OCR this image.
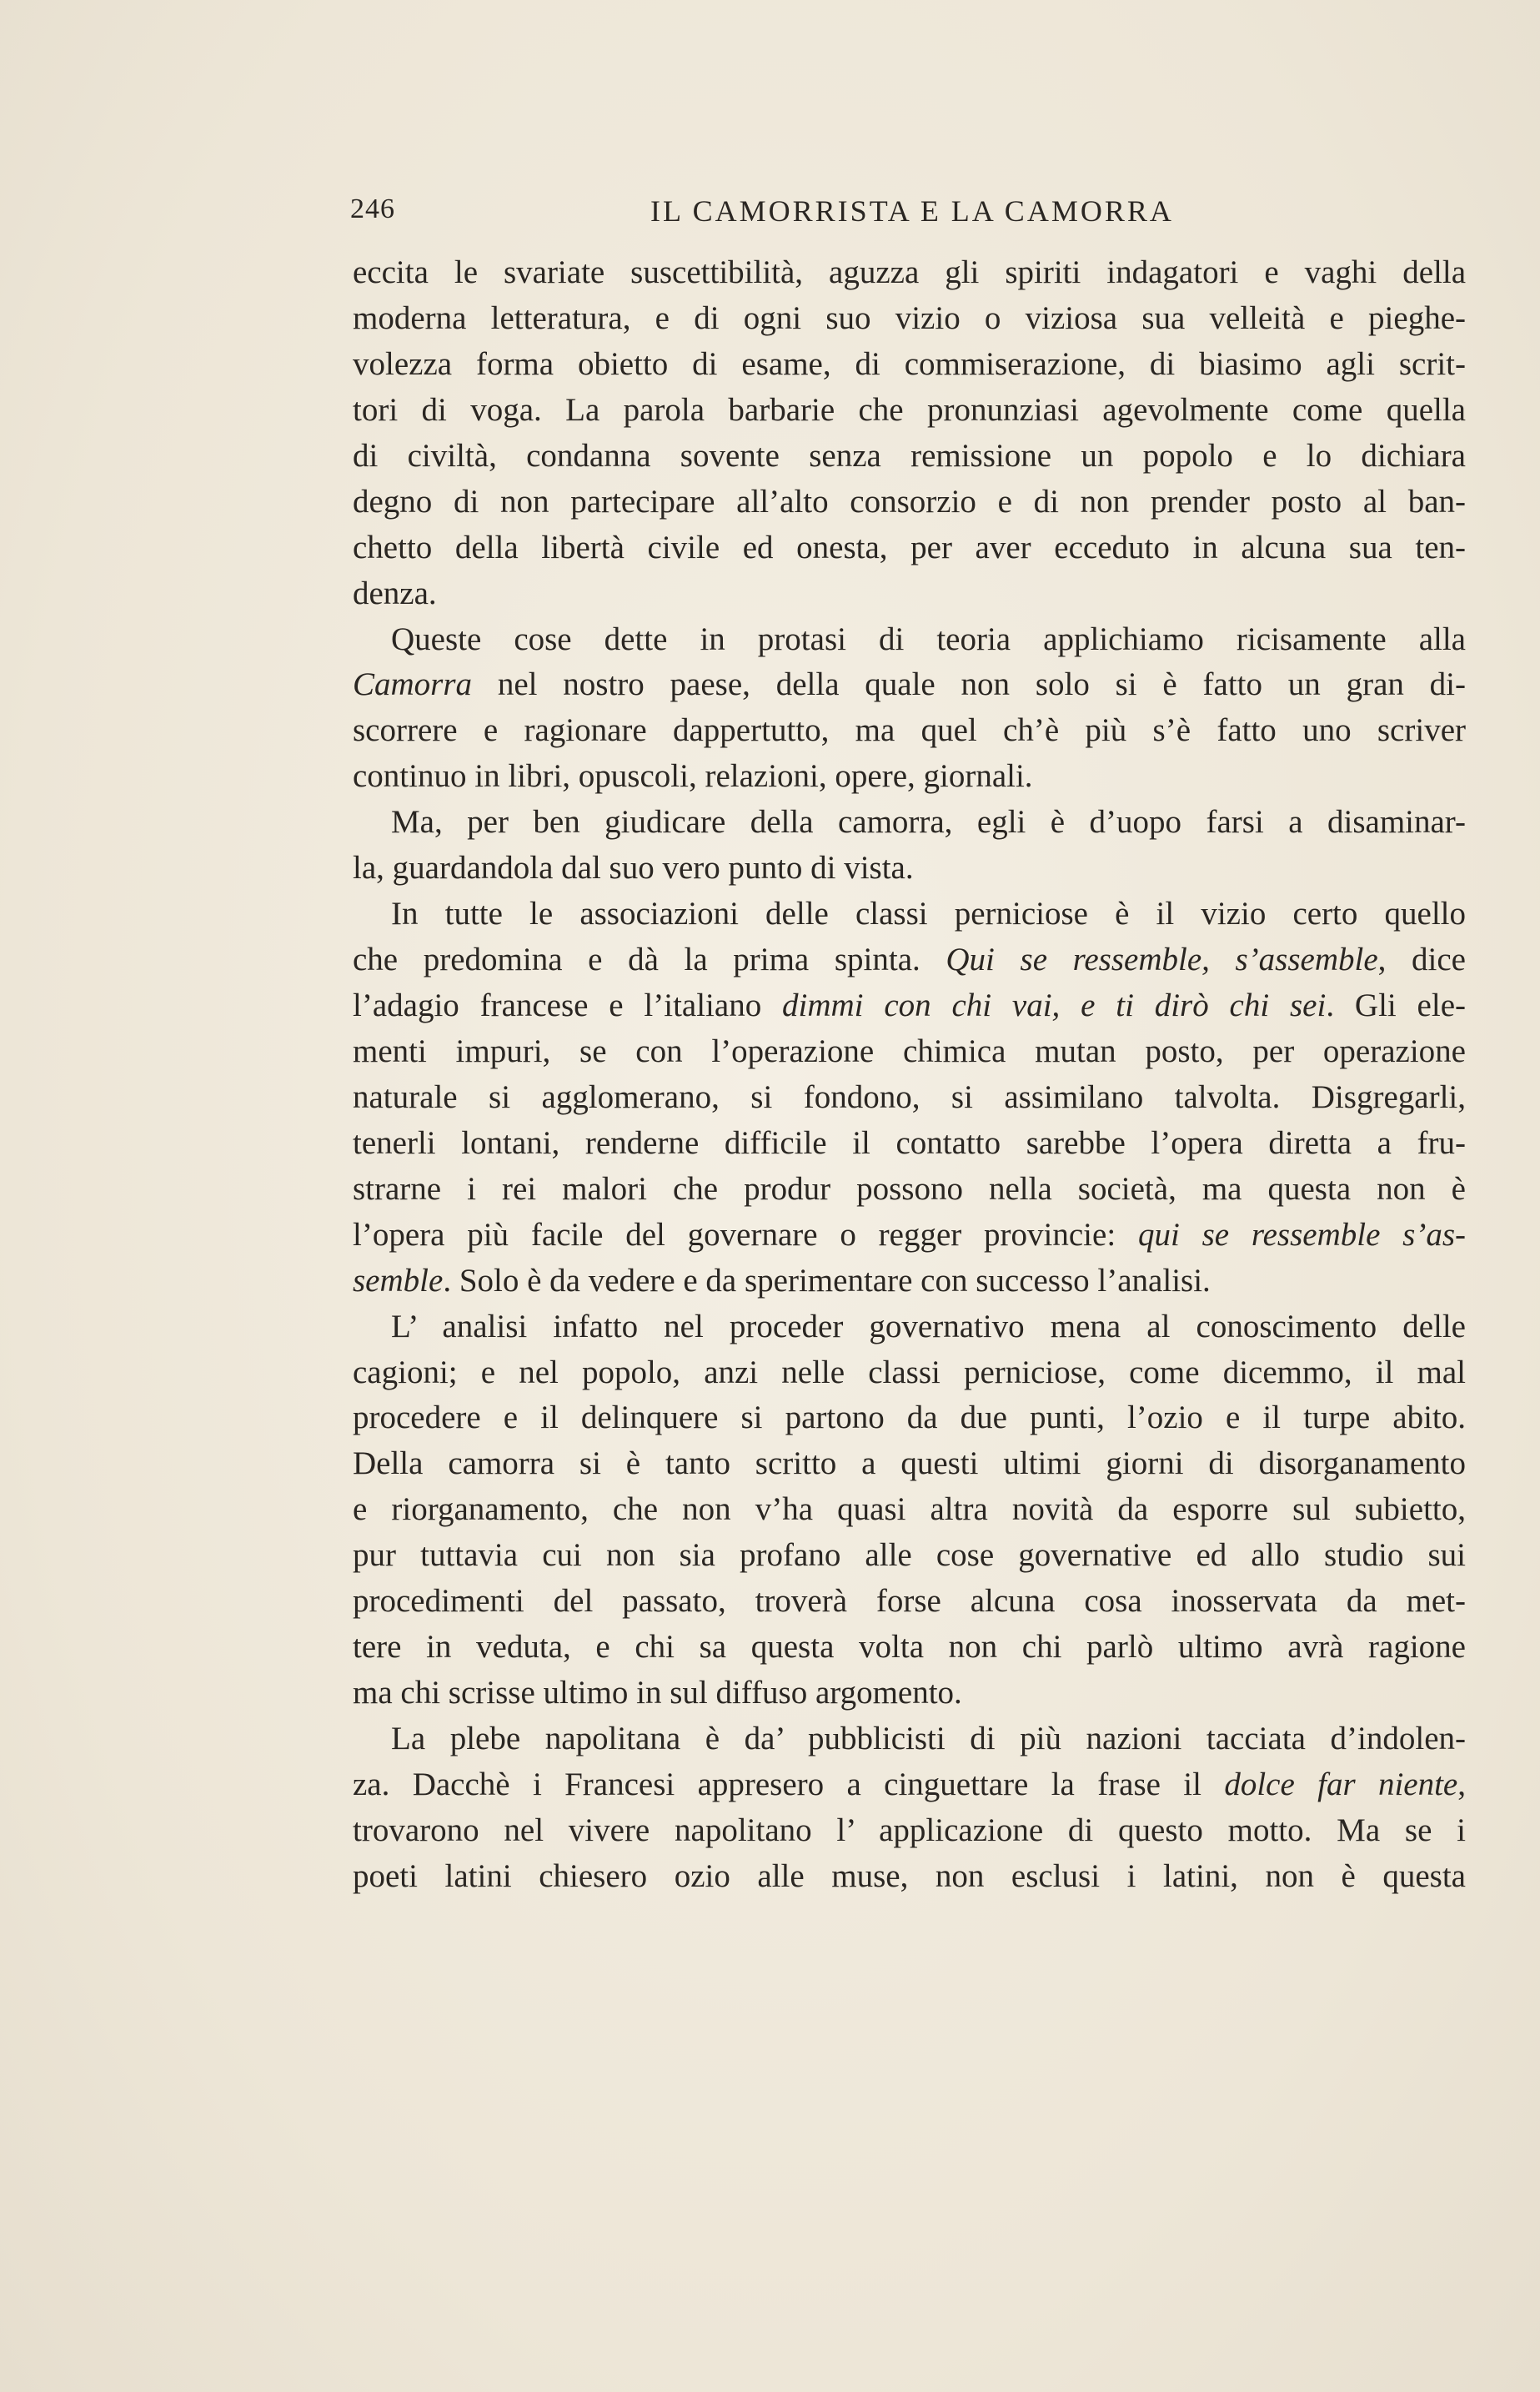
246	IL CAMORRISTA E LA CAMORRA
eccita le svariate suscettibilità, aguzza gli spiriti indagatori e vaghi della
moderna letteratura, e di ogni suo vizio o viziosa sua velleità e pieghe-
volezza forma obietto di esame, di commiserazione, di biasimo agli scrit-
tori di voga. La parola barbarie che pronunziasi agevolmente come quella
di civiltà, condanna sovente senza remissione un popolo e lo dichiara
degno di non partecipare all’alto consorzio e di non prender posto al ban-
chetto della libertà civile ed onesta, per aver ecceduto in alcuna sua ten-
denza.
Queste cose dette in protasi di teoria applichiamo ricisamente alla
Camorra nel nostro paese, della quale non solo si è fatto un gran di-
scorrere e ragionare dappertutto, ma quel ch’è più s’è fatto uno scriver
continuo in libri, opuscoli, relazioni, opere, giornali.
Ma, per ben giudicare della camorra, egli è d’uopo farsi a disaminar-
la, guardandola dal suo vero punto di vista.
In tutte le associazioni delle classi perniciose è il vizio certo quello
che predomina e dà la prima spinta. Qui se ressemble, s’assemble, dice
l’adagio francese e l’italiano dimmi con chi vai, e ti dirò chi sei. Gli ele-
menti impuri, se con l’operazione chimica mutan posto, per operazione
naturale si agglomerano, si fondono, si assimilano talvolta. Disgregarli,
tenerli lontani, renderne difficile il contatto sarebbe l’opera diretta a fru-
strarne i rei malori che produr possono nella società, ma questa non è
l’opera più facile del governare o regger provincie: qui se ressemble s’as-
semble. Solo è da vedere e da sperimentare con successo l’analisi.
L’ analisi infatto nel proceder governativo mena al conoscimento delle
cagioni; e nel popolo, anzi nelle classi perniciose, come dicemmo, il mal
procedere e il delinquere si partono da due punti, l’ozio e il turpe abito.
Della camorra si è tanto scritto a questi ultimi giorni di disorganamento
e riorganamento, che non v’ha quasi altra novità da esporre sul subietto,
pur tuttavia cui non sia profano alle cose governative ed allo studio sui
procedimenti del passato, troverà forse alcuna cosa inosservata da met-
tere in veduta, e chi sa questa volta non chi parlò ultimo avrà ragione
ma chi scrisse ultimo in sul diffuso argomento.
La plebe napolitana è da’ pubblicisti di più nazioni tacciata d’indolen-
za. Dacchè i Francesi appresero a cinguettare la frase il dolce far niente,
trovarono nel vivere napolitano l’ applicazione di questo motto. Ma se i
poeti latini chiesero ozio alle muse, non esclusi i latini, non è questa
